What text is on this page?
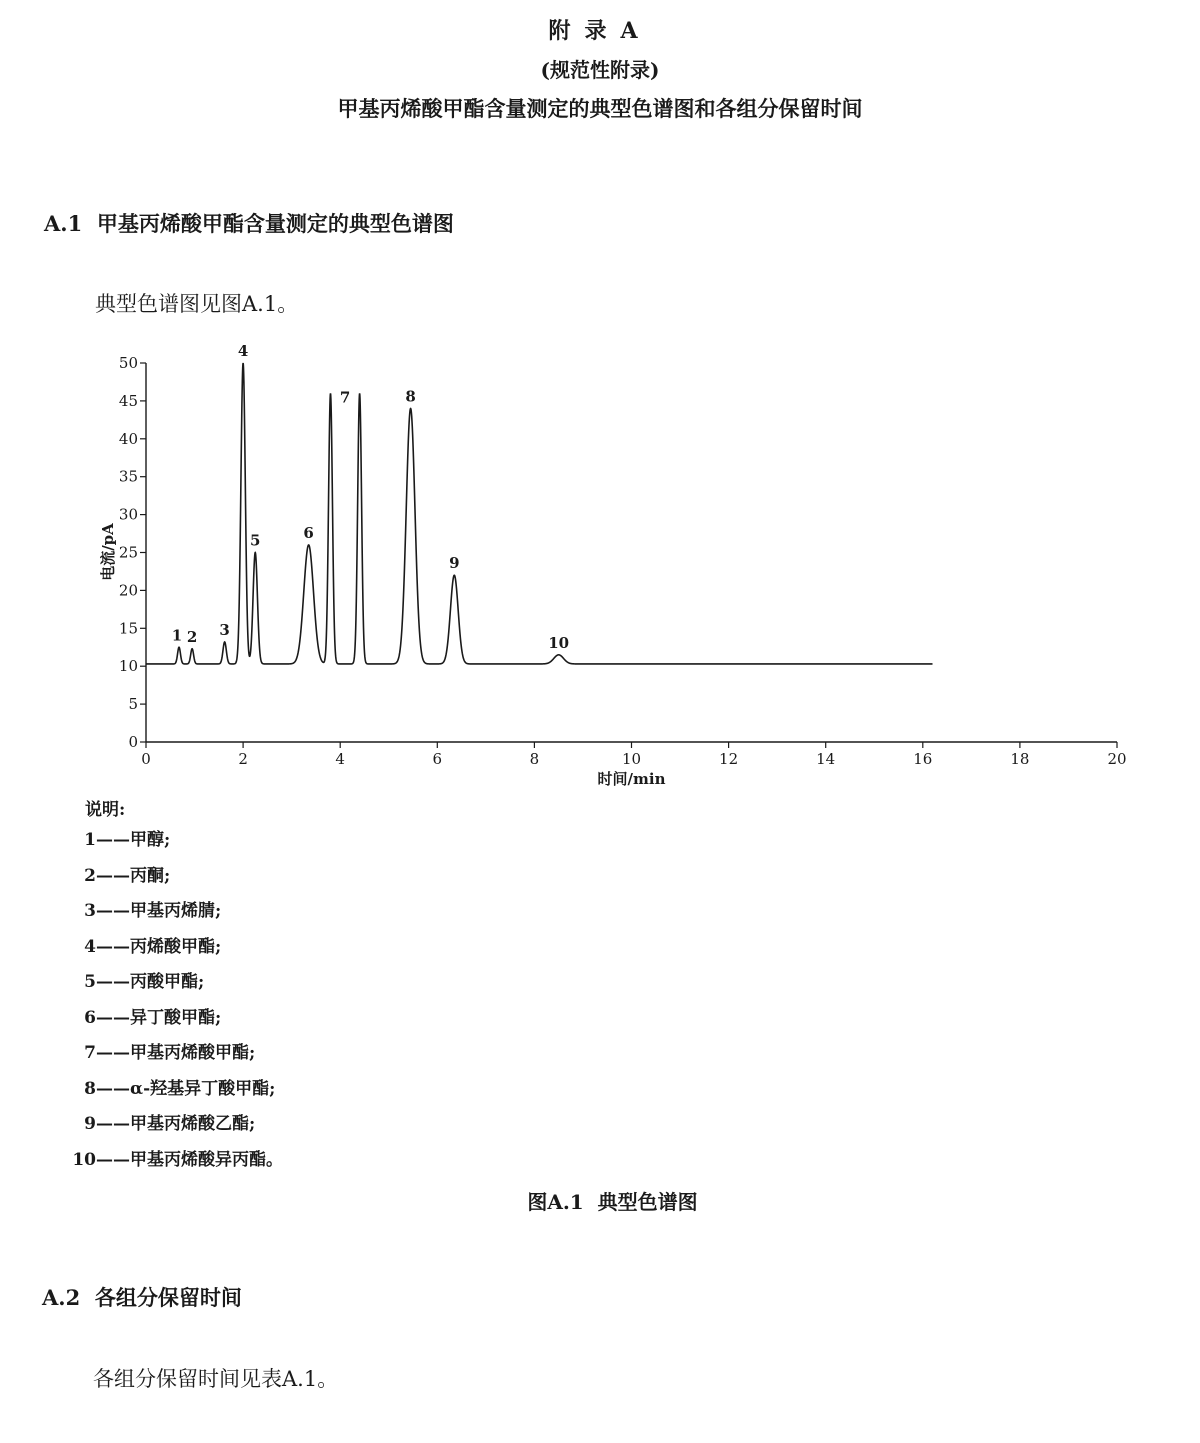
附录A
(规范性附录)
甲基丙烯酸甲酯含量测定的典型色谱图和各组分保留时间
A.1  甲基丙烯酸甲酯含量测定的典型色谱图
典型色谱图见图A.1。
0
5
10
15
20
25
30
35
40
45
50
0	2	4	6	8	10	12	14	16	18	20
1 2 3
4
5	6
7	8
9
10
电流/pA
时间/min
说明:
1——甲醇;
2——丙酮;
3——甲基丙烯腈;
4——丙烯酸甲酯;
5——丙酸甲酯;
6——异丁酸甲酯;
7——甲基丙烯酸甲酯;
8——α-羟基异丁酸甲酯;
9——甲基丙烯酸乙酯;
10——甲基丙烯酸异丙酯。
图A.1  典型色谱图
A.2  各组分保留时间
各组分保留时间见表A.1。
